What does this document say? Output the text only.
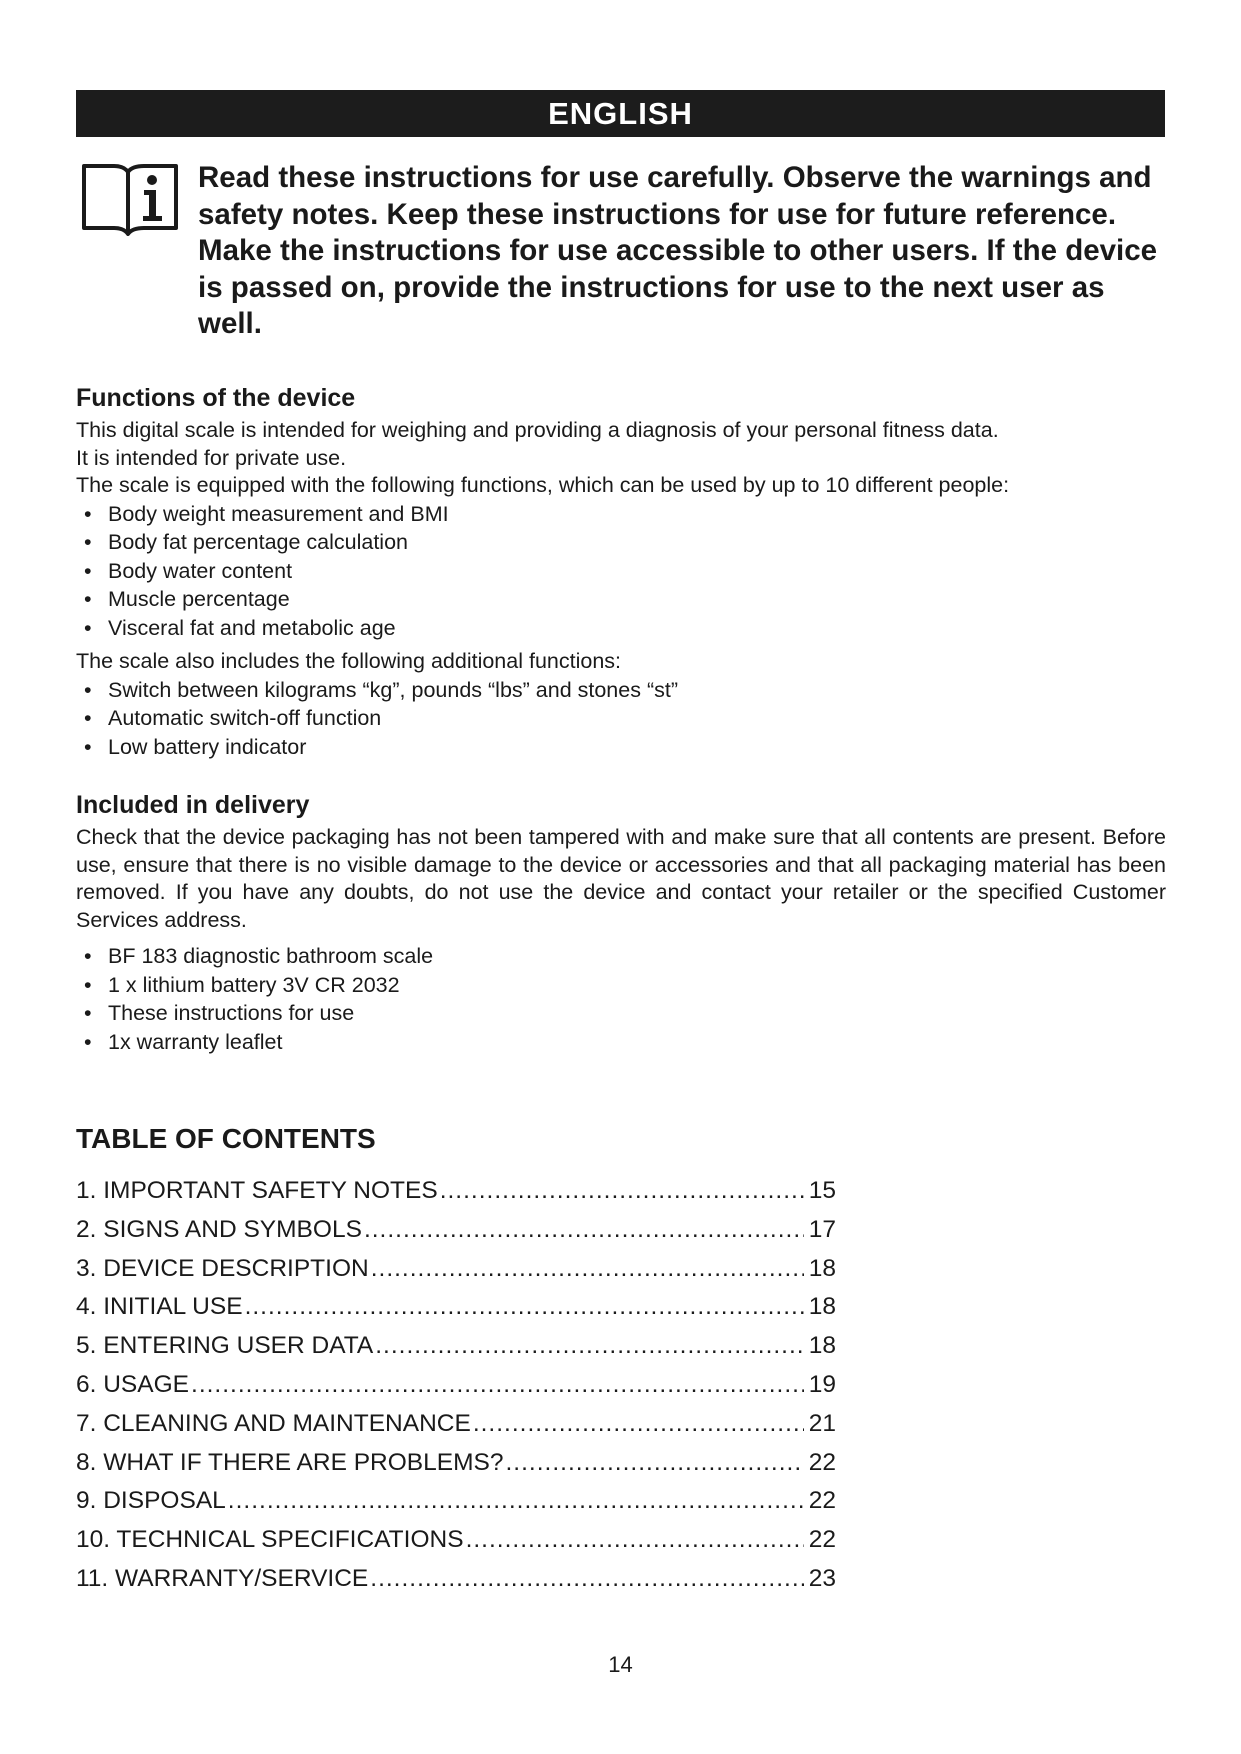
ENGLISH

Read these instructions for use carefully. Observe the warnings and safety notes. Keep these instructions for use for future reference. Make the instructions for use accessible to other users. If the device is passed on, provide the instructions for use to the next user as well.

Functions of the device

This digital scale is intended for weighing and providing a diagnosis of your personal fitness data.

It is intended for private use.

The scale is equipped with the following functions, which can be used by up to 10 different people:

• Body weight measurement and BMI
• Body fat percentage calculation
• Body water content
• Muscle percentage
• Visceral fat and metabolic age

The scale also includes the following additional functions:

• Switch between kilograms “kg”, pounds “lbs” and stones “st”
• Automatic switch-off function
• Low battery indicator
Included in delivery

Check that the device packaging has not been tampered with and make sure that all contents are present. Before use, ensure that there is no visible damage to the device or accessories and that all packaging material has been removed. If you have any doubts, do not use the device and contact your retailer or the specified Customer Services address.

• BF 183 diagnostic bathroom scale
• 1 x lithium battery 3V CR 2032
• These instructions for use
• 1x warranty leaflet
TABLE OF CONTENTS
1. IMPORTANT SAFETY NOTES .....	15
2. SIGNS AND SYMBOLS .....	17
3. DEVICE DESCRIPTION .....	18
4. INITIAL USE .....	18
5. ENTERING USER DATA .....	18
6. USAGE .....	19
7. CLEANING AND MAINTENANCE .....	21
8. WHAT IF THERE ARE PROBLEMS? .....	22
9. DISPOSAL .....	22
10. TECHNICAL SPECIFICATIONS .....	22
11. WARRANTY/SERVICE .....	23

14
